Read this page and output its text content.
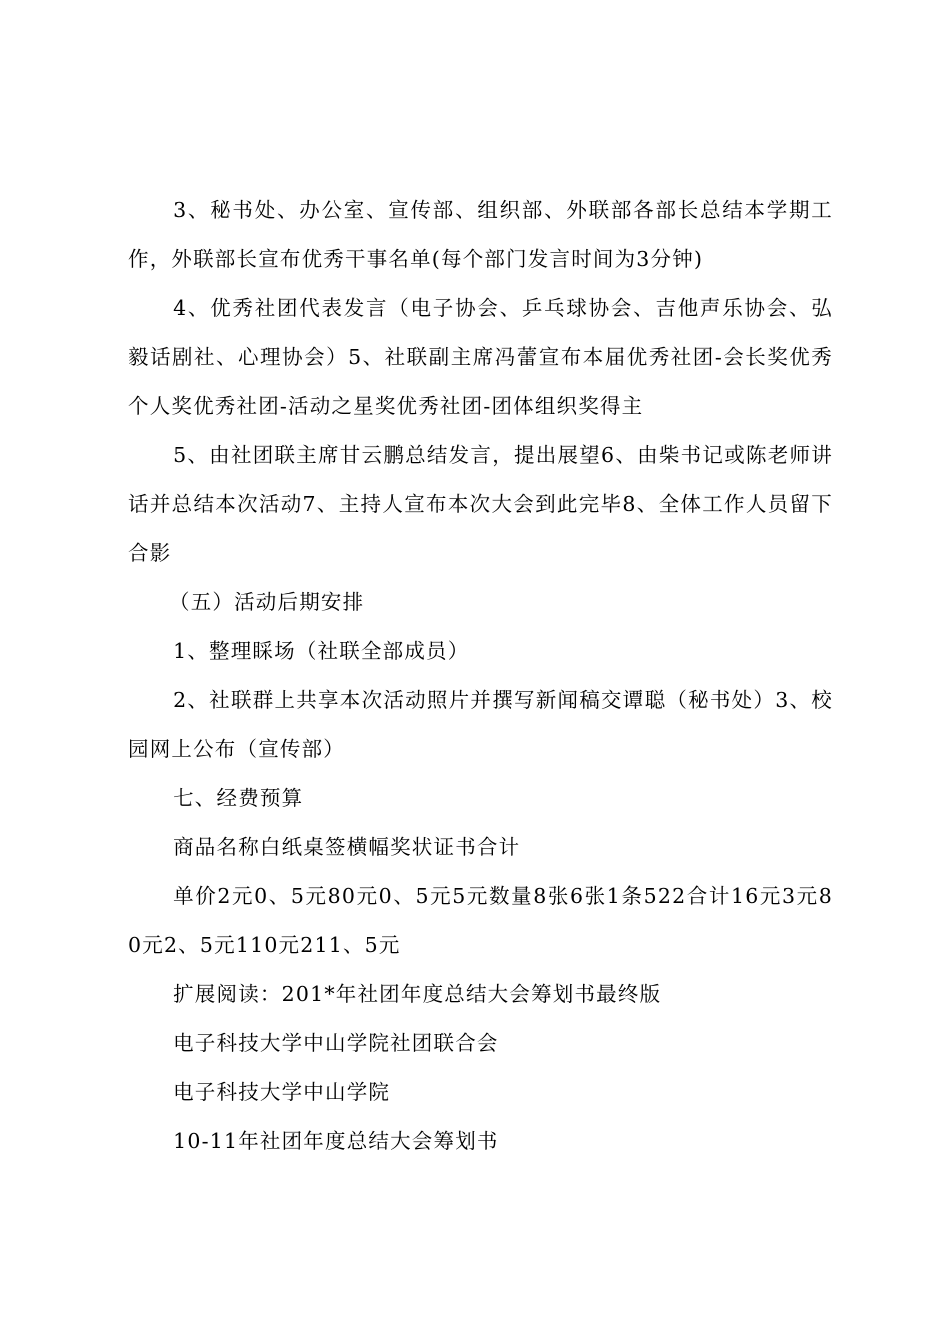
3、秘书处、办公室、宣传部、组织部、外联部各部长总结本学期工作，外联部长宣布优秀干事名单(每个部门发言时间为3分钟)

4、优秀社团代表发言（电子协会、乒乓球协会、吉他声乐协会、弘毅话剧社、心理协会）5、社联副主席冯蕾宣布本届优秀社团-会长奖优秀个人奖优秀社团-活动之星奖优秀社团-团体组织奖得主

5、由社团联主席甘云鹏总结发言，提出展望6、由柴书记或陈老师讲话并总结本次活动7、主持人宣布本次大会到此完毕8、全体工作人员留下合影

（五）活动后期安排

1、整理睬场（社联全部成员）

2、社联群上共享本次活动照片并撰写新闻稿交谭聪（秘书处）3、校园网上公布（宣传部）

七、经费预算

商品名称白纸桌签横幅奖状证书合计

单价2元0、5元80元0、5元5元数量8张6张1条522合计16元3元80元2、5元110元211、5元

扩展阅读：201*年社团年度总结大会筹划书最终版

电子科技大学中山学院社团联合会

电子科技大学中山学院

10-11年社团年度总结大会筹划书
